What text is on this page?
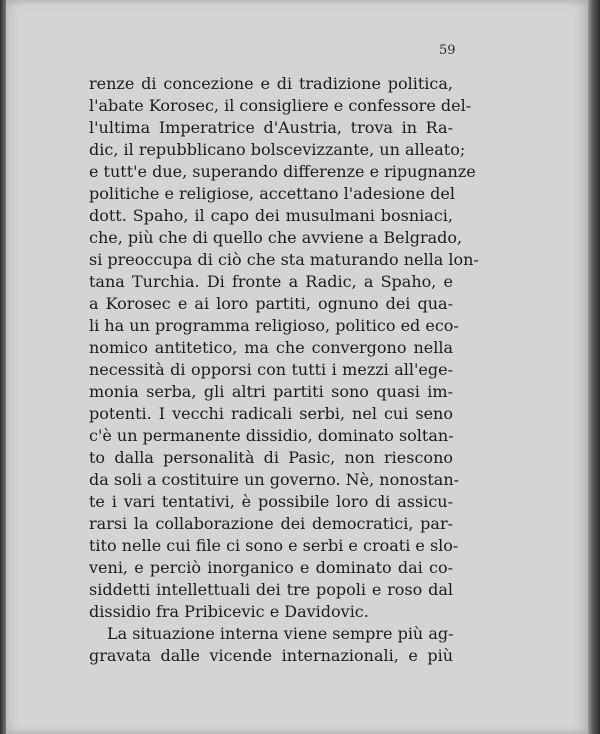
59
renze di concezione e di tradizione politica,
l'abate Korosec, il consigliere e confessore del-
l'ultima Imperatrice d'Austria, trova in Ra-
dic, il repubblicano bolscevizzante, un alleato;
e tutt'e due, superando differenze e ripugnanze
politiche e religiose, accettano l'adesione del
dott. Spaho, il capo dei musulmani bosniaci,
che, più che di quello che avviene a Belgrado,
si preoccupa di ciò che sta maturando nella lon-
tana Turchia. Di fronte a Radic, a Spaho, e
a Korosec e ai loro partiti, ognuno dei qua-
li ha un programma religioso, politico ed eco-
nomico antitetico, ma che convergono nella
necessità di opporsi con tutti i mezzi all'ege-
monia serba, gli altri partiti sono quasi im-
potenti. I vecchi radicali serbi, nel cui seno
c'è un permanente dissidio, dominato soltan-
to dalla personalità di Pasic, non riescono
da soli a costituire un governo. Nè, nonostan-
te i vari tentativi, è possibile loro di assicu-
rarsi la collaborazione dei democratici, par-
tito nelle cui file ci sono e serbi e croati e slo-
veni, e perciò inorganico e dominato dai co-
siddetti intellettuali dei tre popoli e roso dal
dissidio fra Pribicevic e Davidovic.
La situazione interna viene sempre più ag-
gravata dalle vicende internazionali, e più
